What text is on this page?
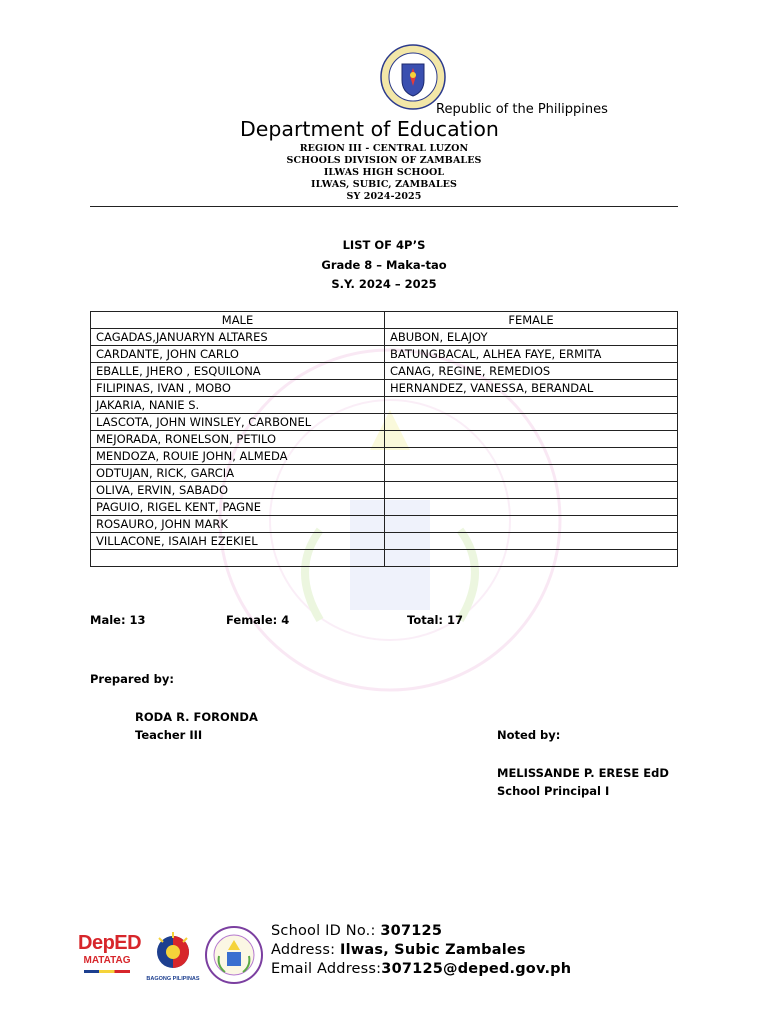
Republic of the Philippines
Department of Education
REGION III - CENTRAL LUZON
SCHOOLS DIVISION OF ZAMBALES
ILWAS HIGH SCHOOL
ILWAS, SUBIC, ZAMBALES
SY 2024-2025
LIST OF 4P’S
Grade 8 – Maka-tao
S.Y. 2024 – 2025
MALE	FEMALE
CAGADAS,JANUARYN ALTARES	ABUBON, ELAJOY
CARDANTE, JOHN CARLO	BATUNGBACAL, ALHEA FAYE, ERMITA
EBALLE, JHERO , ESQUILONA	CANAG, REGINE, REMEDIOS
FILIPINAS, IVAN , MOBO	HERNANDEZ, VANESSA, BERANDAL
JAKARIA, NANIE S.	
LASCOTA, JOHN WINSLEY, CARBONEL	
MEJORADA, RONELSON, PETILO	
MENDOZA, ROUIE JOHN, ALMEDA	
ODTUJAN, RICK, GARCIA	
OLIVA, ERVIN, SABADO	
PAGUIO, RIGEL KENT, PAGNE	
ROSAURO, JOHN MARK	
VILLACONE, ISAIAH EZEKIEL	

Male: 13	Female: 4	Total: 17
Prepared by:
RODA R. FORONDA
Teacher III	Noted by:
MELISSANDE P. ERESE EdD
School Principal I
DepED
MATATAG
BAGONG PILIPINAS
School ID No.: 307125
Address: Ilwas, Subic Zambales
Email Address:307125@deped.gov.ph
